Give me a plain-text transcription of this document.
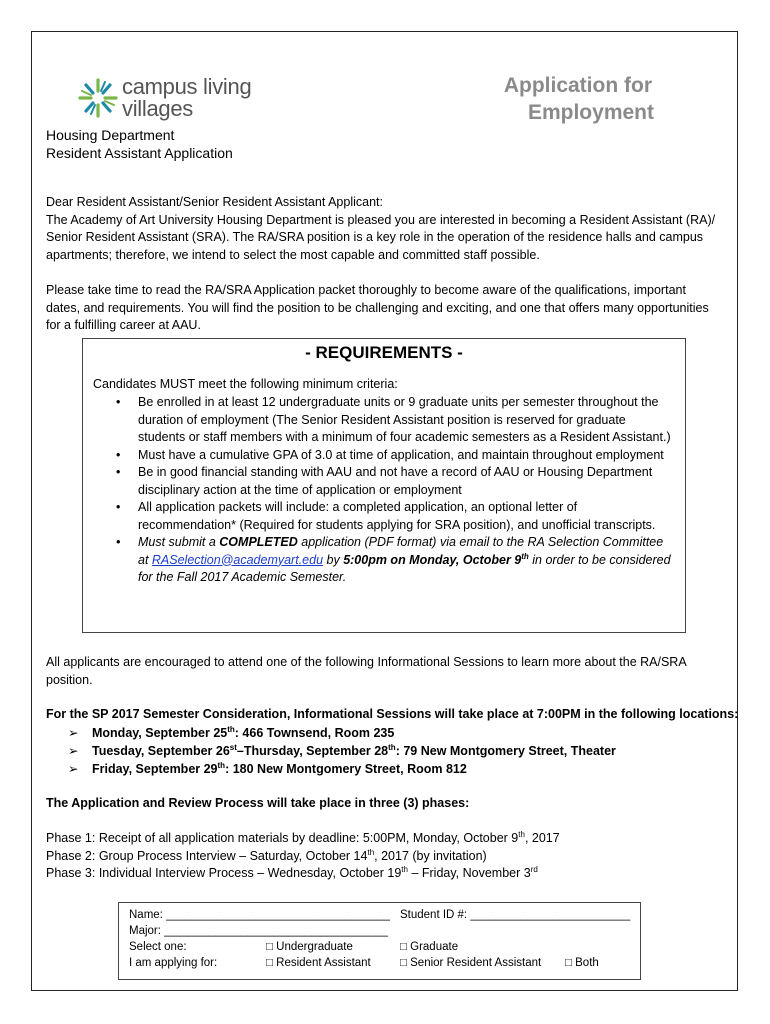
campus living
villages
Application for
Employment
Housing Department
Resident Assistant Application
Dear Resident Assistant/Senior Resident Assistant Applicant:
The Academy of Art University Housing Department is pleased you are interested in becoming a Resident Assistant (RA)/ Senior Resident Assistant (SRA). The RA/SRA position is a key role in the operation of the residence halls and campus apartments; therefore, we intend to select the most capable and committed staff possible.
Please take time to read the RA/SRA Application packet thoroughly to become aware of the qualifications, important dates, and requirements. You will find the position to be challenging and exciting, and one that offers many opportunities for a fulfilling career at AAU.
- REQUIREMENTS -
Candidates MUST meet the following minimum criteria:
• Be enrolled in at least 12 undergraduate units or 9 graduate units per semester throughout the duration of employment (The Senior Resident Assistant position is reserved for graduate students or staff members with a minimum of four academic semesters as a Resident Assistant.)
• Must have a cumulative GPA of 3.0 at time of application, and maintain throughout employment
• Be in good financial standing with AAU and not have a record of AAU or Housing Department disciplinary action at the time of application or employment
• All application packets will include: a completed application, an optional letter of recommendation* (Required for students applying for SRA position), and unofficial transcripts.
• Must submit a COMPLETED application (PDF format) via email to the RA Selection Committee at RASelection@academyart.edu by 5:00pm on Monday, October 9th in order to be considered for the Fall 2017 Academic Semester.
All applicants are encouraged to attend one of the following Informational Sessions to learn more about the RA/SRA position.
For the SP 2017 Semester Consideration, Informational Sessions will take place at 7:00PM in the following locations:
➢ Monday, September 25th: 466 Townsend, Room 235
➢ Tuesday, September 26st–Thursday, September 28th: 79 New Montgomery Street, Theater
➢ Friday, September 29th: 180 New Montgomery Street, Room 812
The Application and Review Process will take place in three (3) phases:
Phase 1: Receipt of all application materials by deadline: 5:00PM, Monday, October 9th, 2017
Phase 2: Group Process Interview – Saturday, October 14th, 2017 (by invitation)
Phase 3: Individual Interview Process – Wednesday, October 19th – Friday, November 3rd
Name: ___________________________________ Student ID #: _________________________
Major: ___________________________________
Select one:	□ Undergraduate	□ Graduate
I am applying for:	□ Resident Assistant	□ Senior Resident Assistant □ Both
